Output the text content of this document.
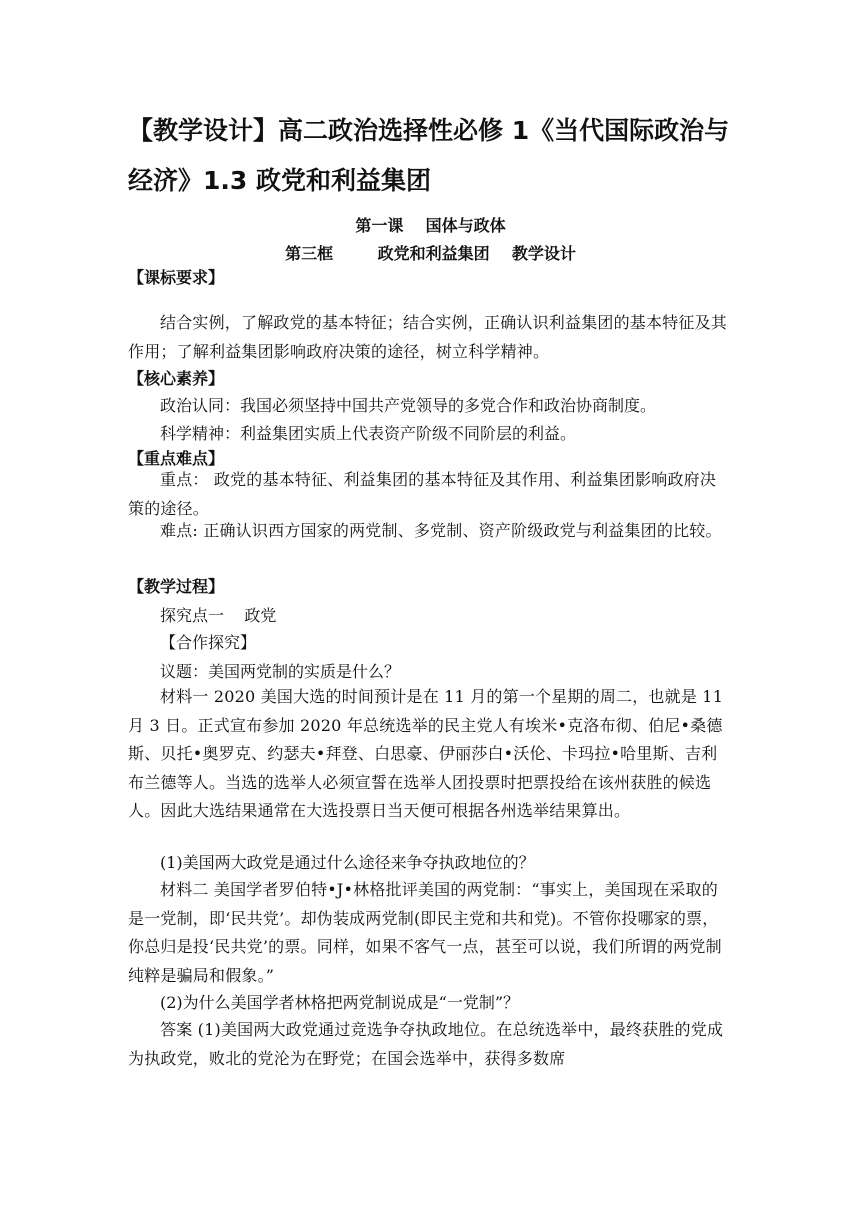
【教学设计】高二政治选择性必修 1《当代国际政治与经济》1.3 政党和利益集团
第一课    国体与政体
第三框        政党和利益集团    教学设计
【课标要求】
结合实例，了解政党的基本特征；结合实例，正确认识利益集团的基本特征及其作用；了解利益集团影响政府决策的途径，树立科学精神。
【核心素养】
政治认同：我国必须坚持中国共产党领导的多党合作和政治协商制度。
科学精神：利益集团实质上代表资产阶级不同阶层的利益。
【重点难点】
重点： 政党的基本特征、利益集团的基本特征及其作用、利益集团影响政府决策的途径。
难点: 正确认识西方国家的两党制、多党制、资产阶级政党与利益集团的比较。
【教学过程】
探究点一    政党
【合作探究】
议题：美国两党制的实质是什么？
材料一 2020 美国大选的时间预计是在 11 月的第一个星期的周二，也就是 11 月 3 日。正式宣布参加 2020 年总统选举的民主党人有埃米•克洛布彻、伯尼•桑德斯、贝托•奥罗克、约瑟夫•拜登、白思豪、伊丽莎白•沃伦、卡玛拉•哈里斯、吉利布兰德等人。当选的选举人必须宣誓在选举人团投票时把票投给在该州获胜的候选人。因此大选结果通常在大选投票日当天便可根据各州选举结果算出。
(1)美国两大政党是通过什么途径来争夺执政地位的？
材料二 美国学者罗伯特•J•林格批评美国的两党制：“事实上，美国现在采取的是一党制，即‘民共党’。却伪装成两党制(即民主党和共和党)。不管你投哪家的票，你总归是投‘民共党’的票。同样，如果不客气一点，甚至可以说，我们所谓的两党制纯粹是骗局和假象。”
(2)为什么美国学者林格把两党制说成是“一党制”？
答案 (1)美国两大政党通过竞选争夺执政地位。在总统选举中，最终获胜的党成为执政党，败北的党沦为在野党；在国会选举中，获得多数席
